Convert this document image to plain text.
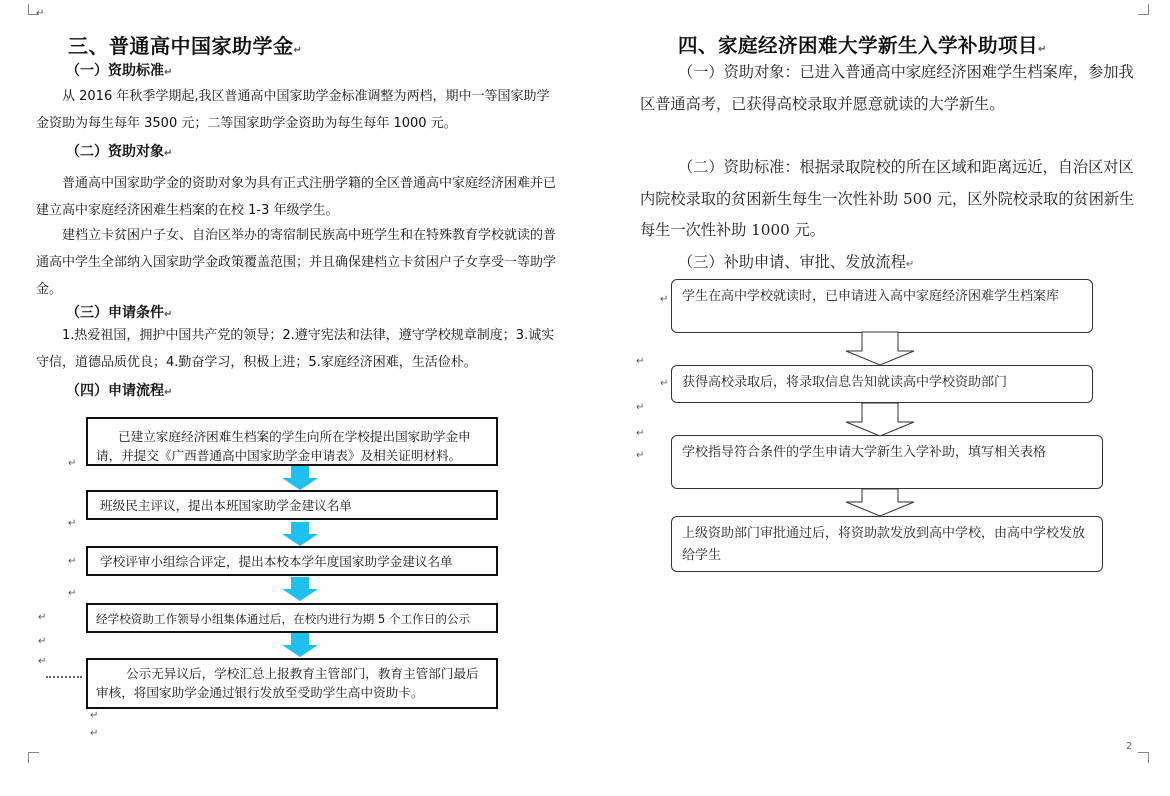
↵
三、普通高中国家助学金↵
（一）资助标准↵
从 2016 年秋季学期起,我区普通高中国家助学金标准调整为两档，期中一等国家助学金资助为每生每年 3500 元；二等国家助学金资助为每生每年 1000 元。
（二）资助对象↵
普通高中国家助学金的资助对象为具有正式注册学籍的全区普通高中家庭经济困难并已建立高中家庭经济困难生档案的在校 1-3 年级学生。
建档立卡贫困户子女、自治区举办的寄宿制民族高中班学生和在特殊教育学校就读的普通高中学生全部纳入国家助学金政策覆盖范围；并且确保建档立卡贫困户子女享受一等助学金。
（三）申请条件↵
1.热爱祖国，拥护中国共产党的领导；2.遵守宪法和法律，遵守学校规章制度；3.诚实守信，道德品质优良；4.勤奋学习，积极上进；5.家庭经济困难，生活俭朴。
（四）申请流程↵
已建立家庭经济困难生档案的学生向所在学校提出国家助学金申请，并提交《广西普通高中国家助学金申请表》及相关证明材料。
班级民主评议，提出本班国家助学金建议名单
学校评审小组综合评定，提出本校本学年度国家助学金建议名单
经学校资助工作领导小组集体通过后，在校内进行为期 5 个工作日的公示
公示无异议后，学校汇总上报教育主管部门，教育主管部门最后审核，将国家助学金通过银行发放至受助学生高中资助卡。
↵
↵
↵
↵
↵
↵
↵
↵
↵
四、家庭经济困难大学新生入学补助项目↵
（一）资助对象：已进入普通高中家庭经济困难学生档案库，参加我区普通高考，已获得高校录取并愿意就读的大学新生。
（二）资助标准：根据录取院校的所在区域和距离远近，自治区对区内院校录取的贫困新生每生一次性补助 500 元，区外院校录取的贫困新生每生一次性补助 1000 元。
（三）补助申请、审批、发放流程↵
学生在高中学校就读时，已申请进入高中家庭经济困难学生档案库
获得高校录取后，将录取信息告知就读高中学校资助部门
学校指导符合条件的学生申请大学新生入学补助，填写相关表格
上级资助部门审批通过后，将资助款发放到高中学校，由高中学校发放给学生
↵
↵
↵
↵
↵
↵
2
